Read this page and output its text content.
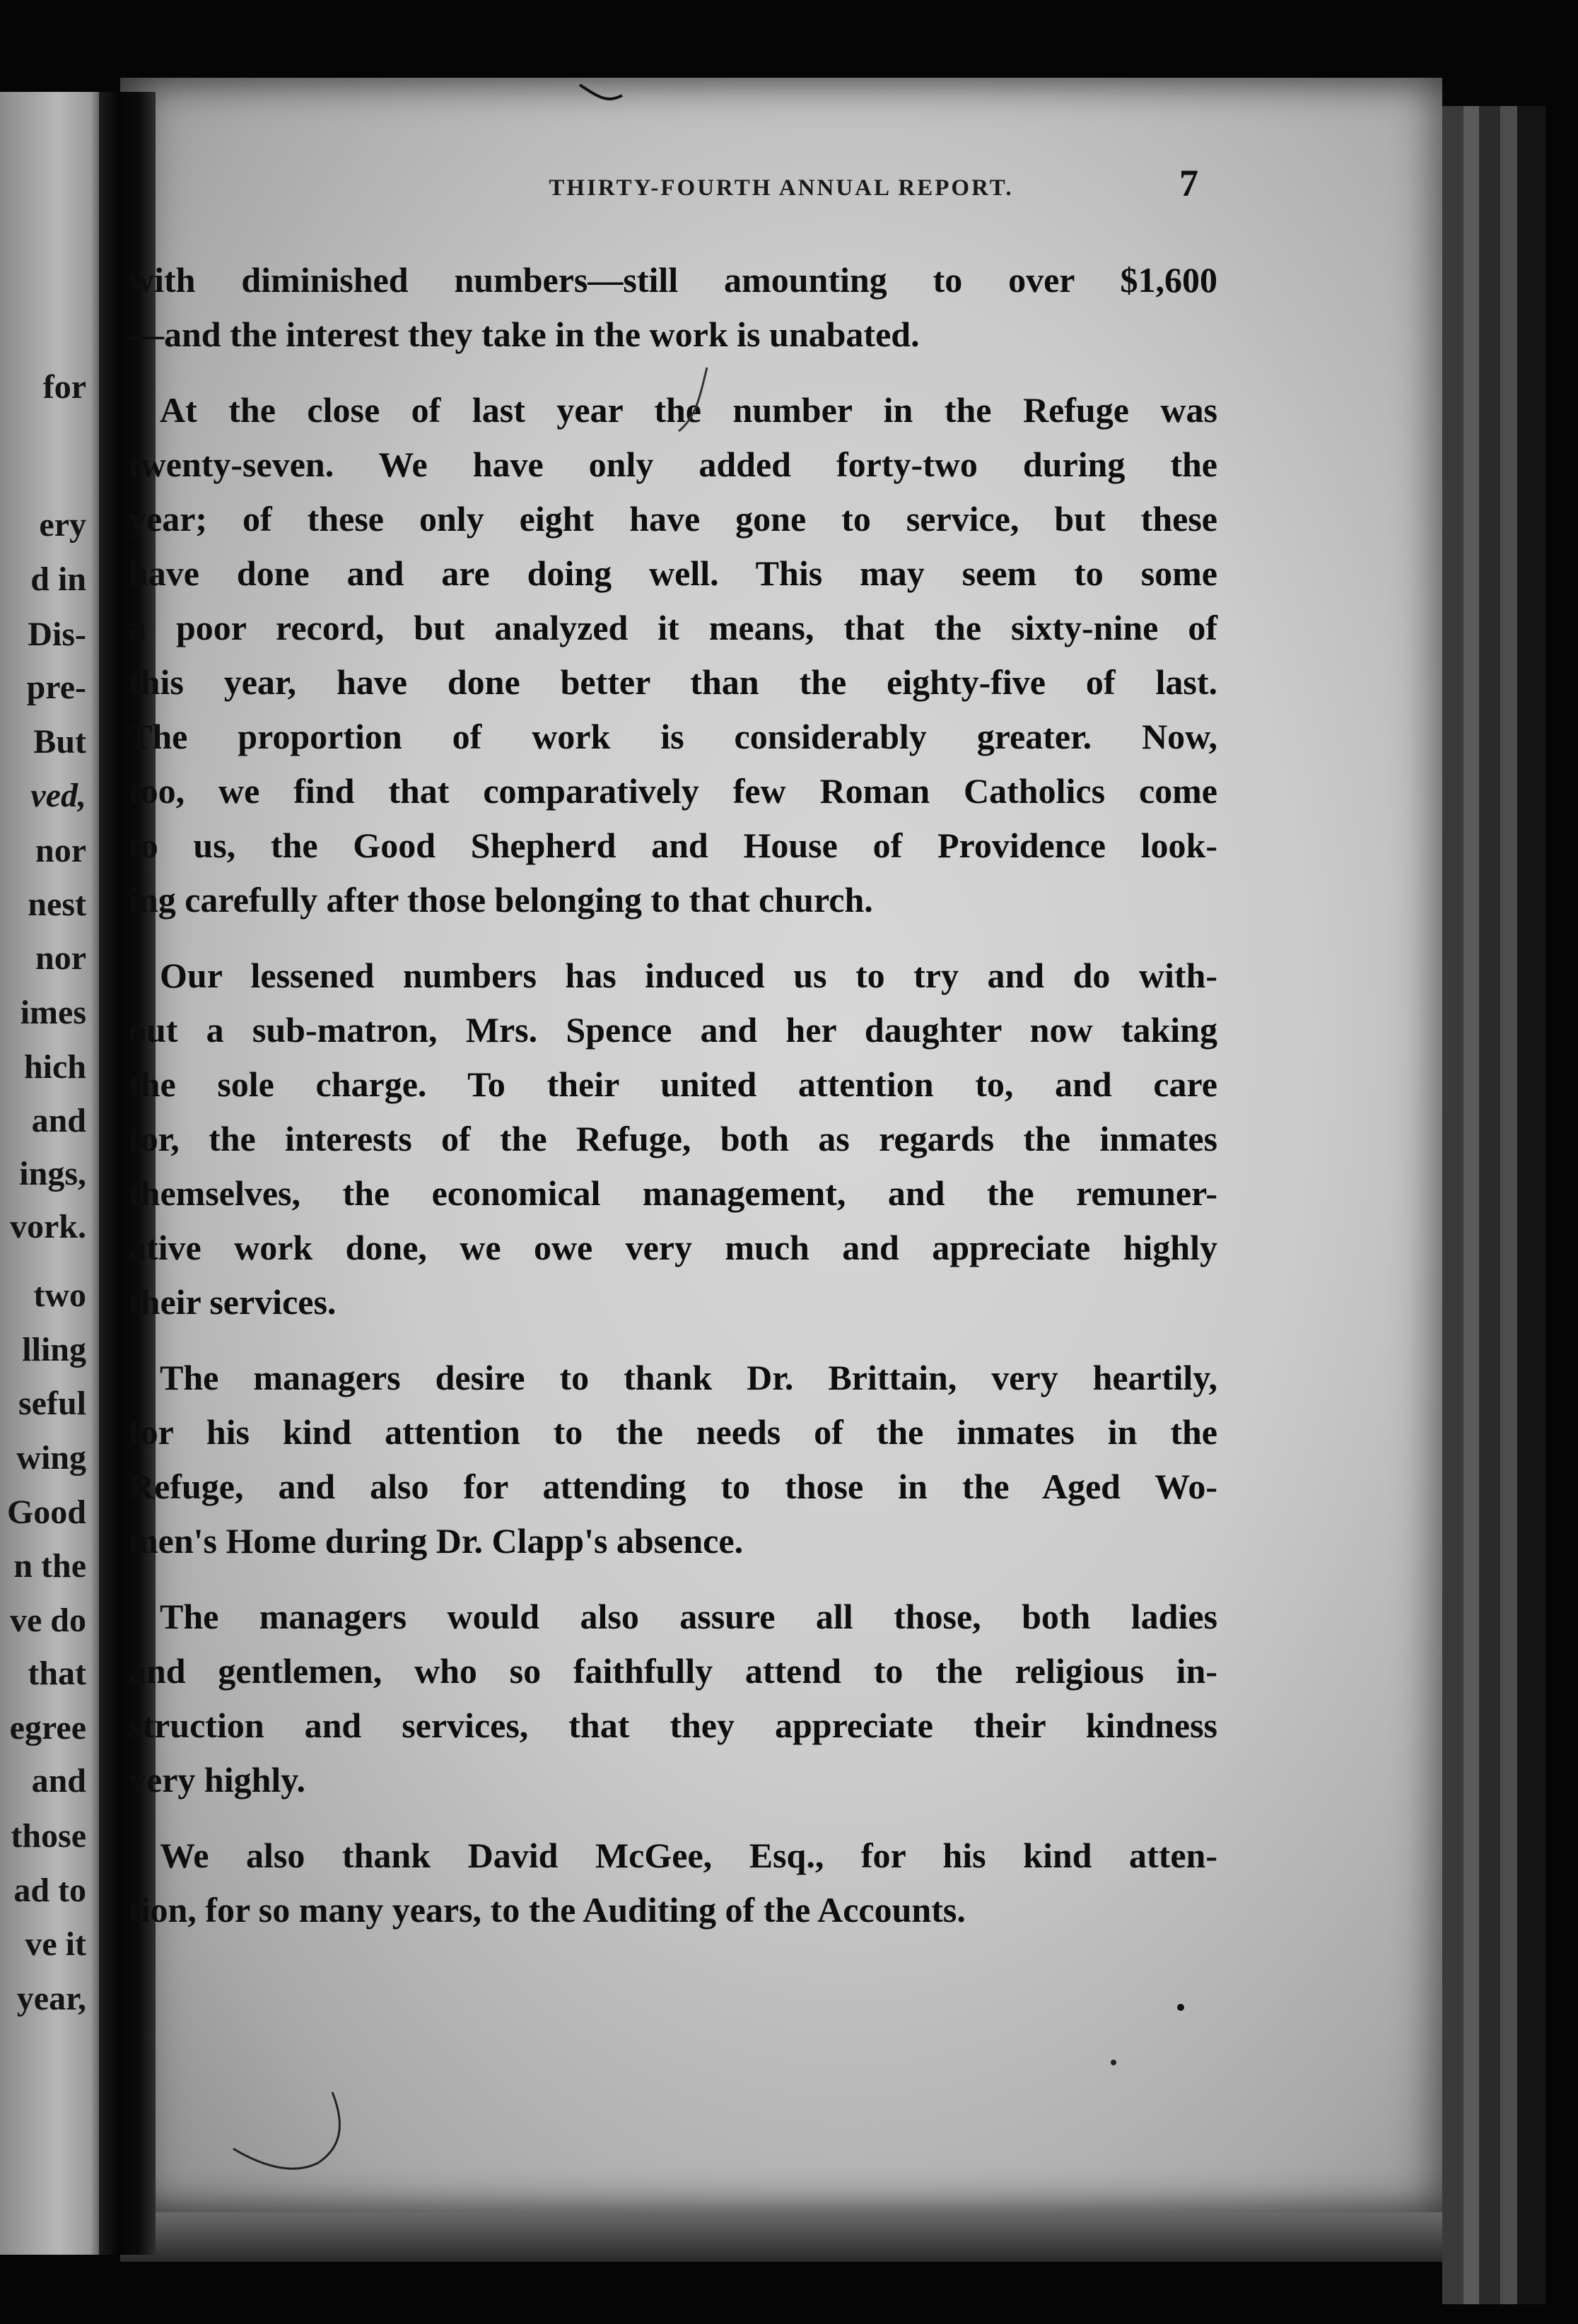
for
ery
d in
Dis-
pre-
But
ved,
nor
nest
nor
imes
hich
and
ings,
vork.
two
lling
seful
wing
Good
n the
ve do
that
egree
and
those
ad to
ve it
year,
THIRTY-FOURTH ANNUAL REPORT.	7
with diminished numbers—still amounting to over $1,600
—and the interest they take in the work is unabated.
At the close of last year the number in the Refuge was
twenty-seven. We have only added forty-two during the
year; of these only eight have gone to service, but these
have done and are doing well. This may seem to some
a poor record, but analyzed it means, that the sixty-nine of
this year, have done better than the eighty-five of last.
The proportion of work is considerably greater. Now,
too, we find that comparatively few Roman Catholics come
to us, the Good Shepherd and House of Providence look-
ing carefully after those belonging to that church.
Our lessened numbers has induced us to try and do with-
out a sub-matron, Mrs. Spence and her daughter now taking
the sole charge. To their united attention to, and care
for, the interests of the Refuge, both as regards the inmates
themselves, the economical management, and the remuner-
ative work done, we owe very much and appreciate highly
their services.
The managers desire to thank Dr. Brittain, very heartily,
for his kind attention to the needs of the inmates in the
Refuge, and also for attending to those in the Aged Wo-
men's Home during Dr. Clapp's absence.
The managers would also assure all those, both ladies
and gentlemen, who so faithfully attend to the religious in-
struction and services, that they appreciate their kindness
very highly.
We also thank David McGee, Esq., for his kind atten-
tion, for so many years, to the Auditing of the Accounts.
